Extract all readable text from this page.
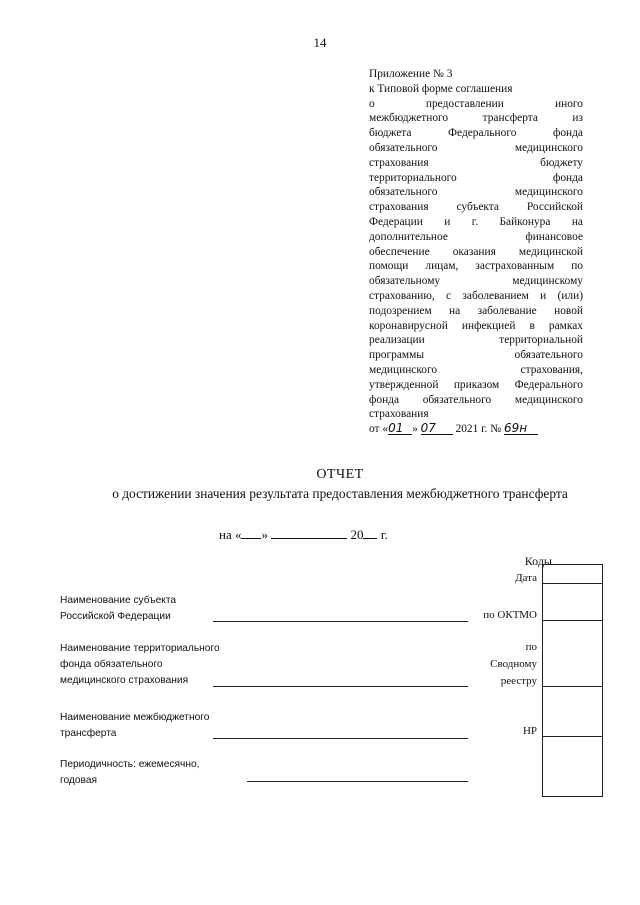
14
Приложение № 3
к Типовой форме соглашения
о предоставлении иного
межбюджетного трансферта из
бюджета Федерального фонда
обязательного медицинского
страхования бюджету
территориального фонда
обязательного медицинского
страхования субъекта Российской
Федерации и г. Байконура на
дополнительное финансовое
обеспечение оказания медицинской
помощи лицам, застрахованным по
обязательному медицинскому
страхованию, с заболеванием и (или)
подозрением на заболевание новой
коронавирусной инфекцией в рамках
реализации территориальной
программы обязательного
медицинского страхования,
утвержденной приказом Федерального
фонда обязательного медицинского
страхования
от «01 » 07 2021 г. № 69н
ОТЧЕТ
о достижении значения результата предоставления межбюджетного трансферта
на « »	20 г.
Коды
Дата
по ОКТМО
по
Сводному
реестру
НР
Наименование субъекта
Российской Федерации
Наименование территориального
фонда обязательного
медицинского страхования
Наименование межбюджетного
трансферта
Периодичность: ежемесячно,
годовая
